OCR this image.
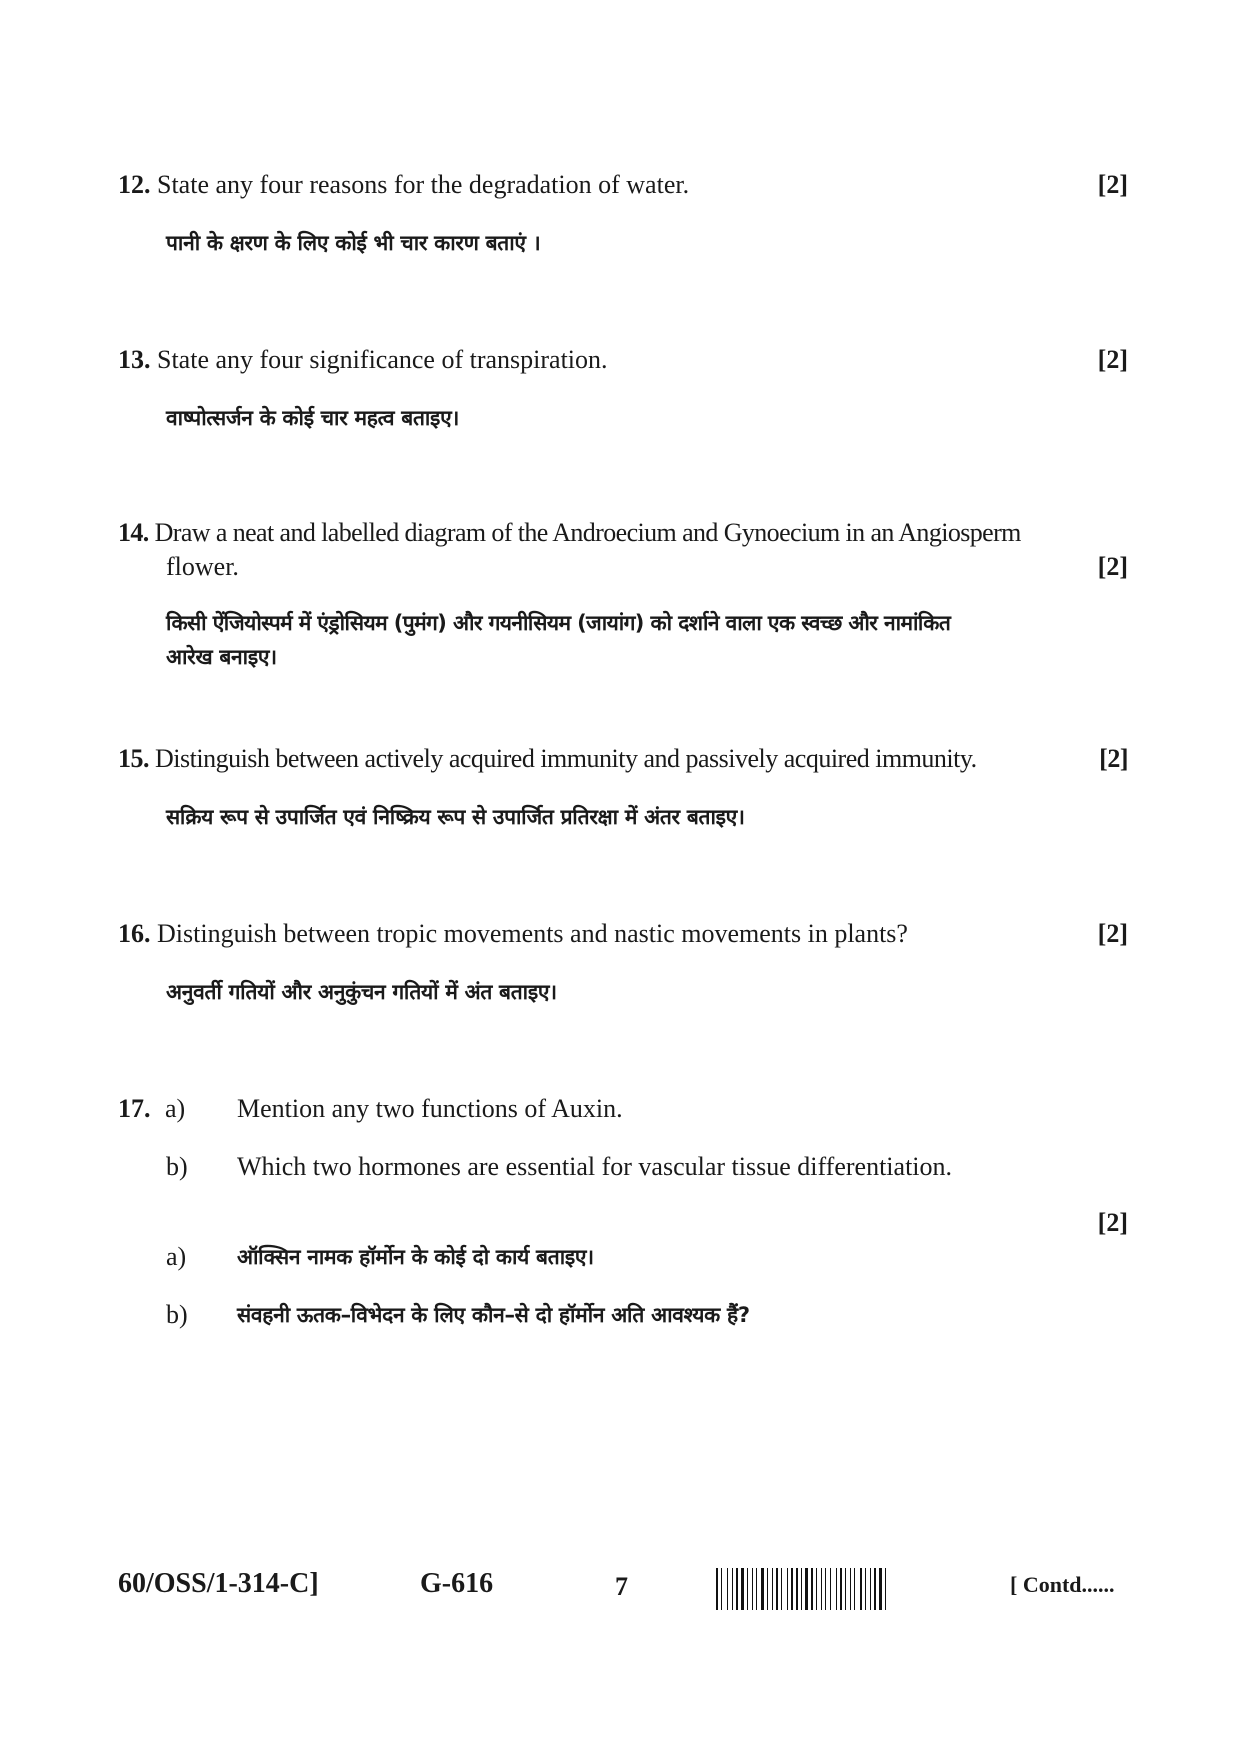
12. State any four reasons for the degradation of water.	[2]
पानी के क्षरण के लिए कोई भी चार कारण बताएं ।
13. State any four significance of transpiration.	[2]
वाष्पोत्सर्जन के कोई चार महत्व बताइए।
14. Draw a neat and labelled diagram of the Androecium and Gynoecium in an Angiosperm
flower.	[2]
किसी ऐंजियोस्पर्म में एंड्रोसियम (पुमंग) और गयनीसियम (जायांग) को दर्शाने वाला एक स्वच्छ और नामांकित
आरेख बनाइए।
15. Distinguish between actively acquired immunity and passively acquired immunity.	[2]
सक्रिय रूप से उपार्जित एवं निष्क्रिय रूप से उपार्जित प्रतिरक्षा में अंतर बताइए।
16. Distinguish between tropic movements and nastic movements in plants?	[2]
अनुवर्ती गतियों और अनुकुंचन गतियों में अंत बताइए।
17. a) Mention any two functions of Auxin.
b) Which two hormones are essential for vascular tissue differentiation.
[2]
a) ऑक्सिन नामक हॉर्मोन के कोई दो कार्य बताइए।
b) संवहनी ऊतक–विभेदन के लिए कौन–से दो हॉर्मोन अति आवश्यक हैं?
60/OSS/1-314-C]	G-616	7	[ Contd......
